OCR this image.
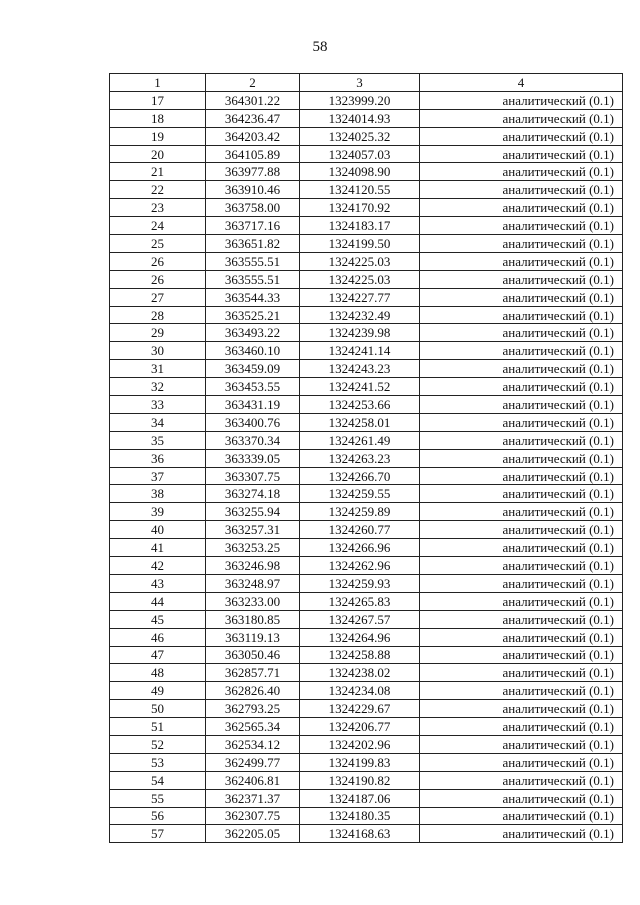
58
1	2	3	4
17	364301.22	1323999.20	аналитический (0.1)
18	364236.47	1324014.93	аналитический (0.1)
19	364203.42	1324025.32	аналитический (0.1)
20	364105.89	1324057.03	аналитический (0.1)
21	363977.88	1324098.90	аналитический (0.1)
22	363910.46	1324120.55	аналитический (0.1)
23	363758.00	1324170.92	аналитический (0.1)
24	363717.16	1324183.17	аналитический (0.1)
25	363651.82	1324199.50	аналитический (0.1)
26	363555.51	1324225.03	аналитический (0.1)
26	363555.51	1324225.03	аналитический (0.1)
27	363544.33	1324227.77	аналитический (0.1)
28	363525.21	1324232.49	аналитический (0.1)
29	363493.22	1324239.98	аналитический (0.1)
30	363460.10	1324241.14	аналитический (0.1)
31	363459.09	1324243.23	аналитический (0.1)
32	363453.55	1324241.52	аналитический (0.1)
33	363431.19	1324253.66	аналитический (0.1)
34	363400.76	1324258.01	аналитический (0.1)
35	363370.34	1324261.49	аналитический (0.1)
36	363339.05	1324263.23	аналитический (0.1)
37	363307.75	1324266.70	аналитический (0.1)
38	363274.18	1324259.55	аналитический (0.1)
39	363255.94	1324259.89	аналитический (0.1)
40	363257.31	1324260.77	аналитический (0.1)
41	363253.25	1324266.96	аналитический (0.1)
42	363246.98	1324262.96	аналитический (0.1)
43	363248.97	1324259.93	аналитический (0.1)
44	363233.00	1324265.83	аналитический (0.1)
45	363180.85	1324267.57	аналитический (0.1)
46	363119.13	1324264.96	аналитический (0.1)
47	363050.46	1324258.88	аналитический (0.1)
48	362857.71	1324238.02	аналитический (0.1)
49	362826.40	1324234.08	аналитический (0.1)
50	362793.25	1324229.67	аналитический (0.1)
51	362565.34	1324206.77	аналитический (0.1)
52	362534.12	1324202.96	аналитический (0.1)
53	362499.77	1324199.83	аналитический (0.1)
54	362406.81	1324190.82	аналитический (0.1)
55	362371.37	1324187.06	аналитический (0.1)
56	362307.75	1324180.35	аналитический (0.1)
57	362205.05	1324168.63	аналитический (0.1)
